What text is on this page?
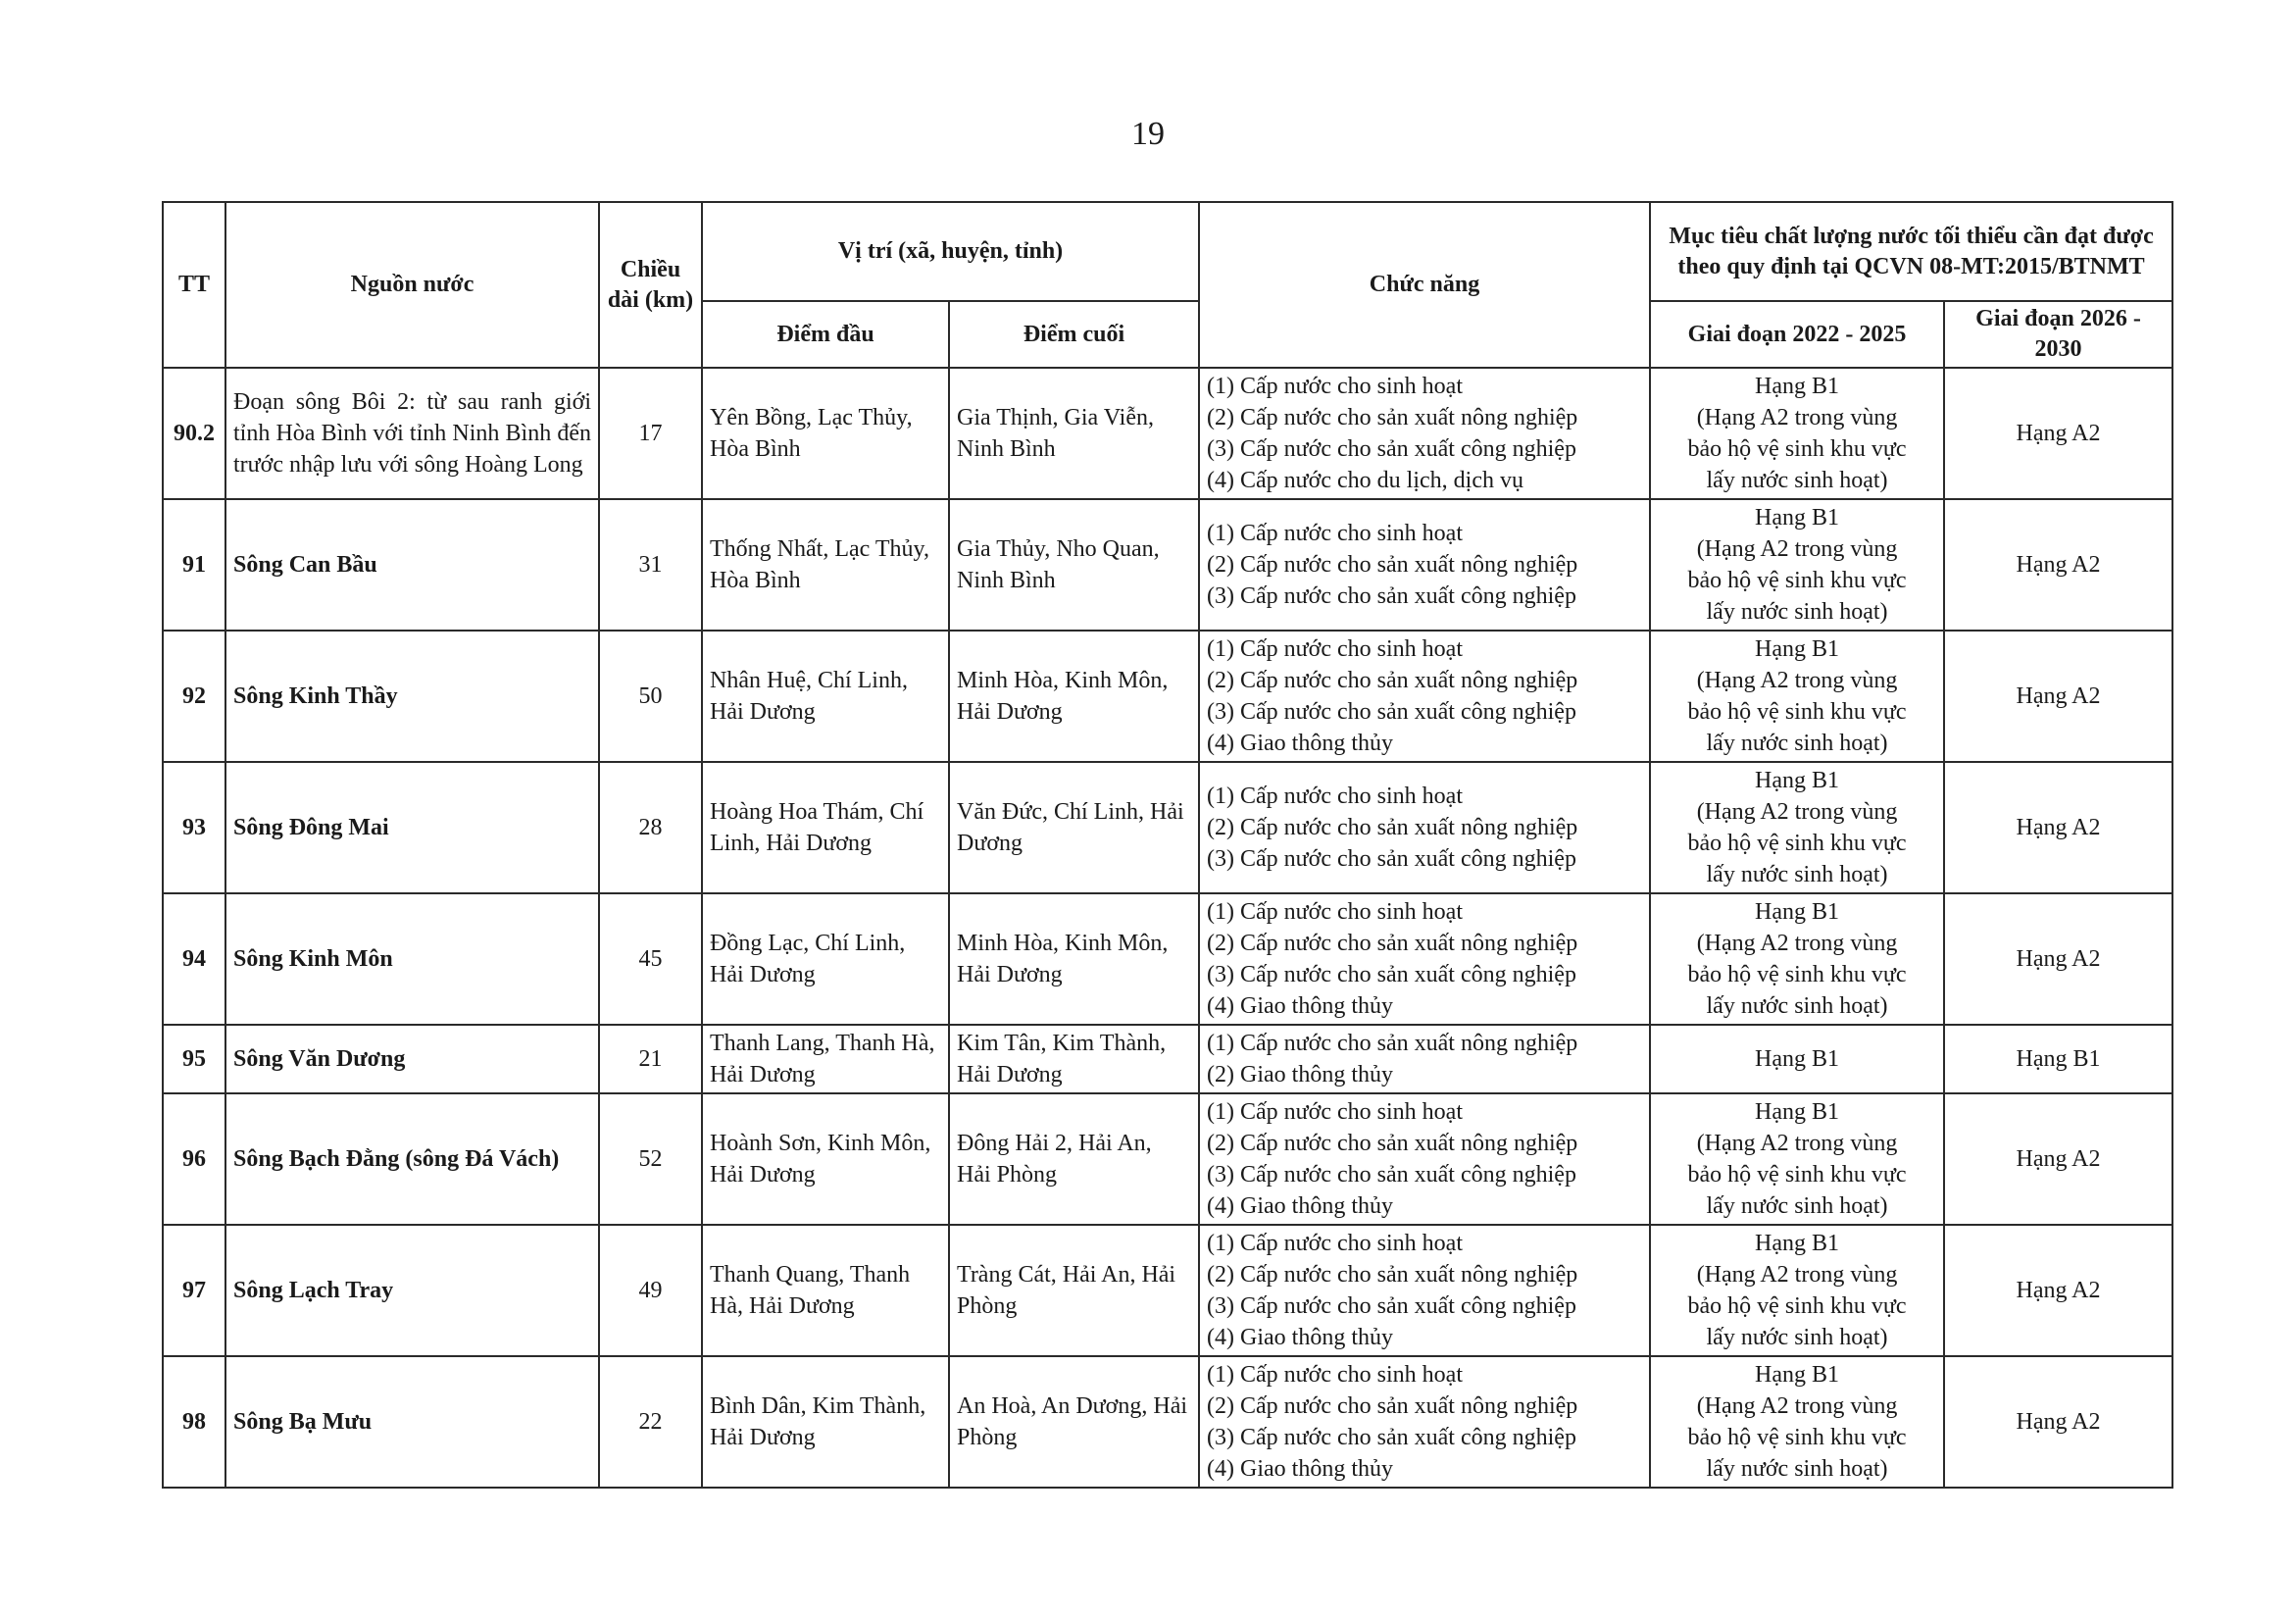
19
TT	Nguồn nước	Chiều dài (km)	Vị trí (xã, huyện, tỉnh)		Chức năng	Mục tiêu chất lượng nước tối thiểu cần đạt được theo quy định tại QCVN 08-MT:2015/BTNMT	
			Điểm đầu	Điểm cuối		Giai đoạn 2022 - 2025	Giai đoạn 2026 - 2030
90.2	Đoạn sông Bôi 2: từ sau ranh giới tỉnh Hòa Bình với tỉnh Ninh Bình đến trước nhập lưu với sông Hoàng Long	17	Yên Bồng, Lạc Thủy, Hòa Bình	Gia Thịnh, Gia Viễn, Ninh Bình	(1) Cấp nước cho sinh hoạt
(2) Cấp nước cho sản xuất nông nghiệp
(3) Cấp nước cho sản xuất công nghiệp
(4) Cấp nước cho du lịch, dịch vụ	Hạng B1
(Hạng A2 trong vùng
bảo hộ vệ sinh khu vực
lấy nước sinh hoạt)	Hạng A2
91	Sông Can Bầu	31	Thống Nhất, Lạc Thủy, Hòa Bình	Gia Thủy, Nho Quan, Ninh Bình	(1) Cấp nước cho sinh hoạt
(2) Cấp nước cho sản xuất nông nghiệp
(3) Cấp nước cho sản xuất công nghiệp	Hạng B1
(Hạng A2 trong vùng
bảo hộ vệ sinh khu vực
lấy nước sinh hoạt)	Hạng A2
92	Sông Kinh Thầy	50	Nhân Huệ, Chí Linh, Hải Dương	Minh Hòa, Kinh Môn, Hải Dương	(1) Cấp nước cho sinh hoạt
(2) Cấp nước cho sản xuất nông nghiệp
(3) Cấp nước cho sản xuất công nghiệp
(4) Giao thông thủy	Hạng B1
(Hạng A2 trong vùng
bảo hộ vệ sinh khu vực
lấy nước sinh hoạt)	Hạng A2
93	Sông Đông Mai	28	Hoàng Hoa Thám, Chí Linh, Hải Dương	Văn Đức, Chí Linh, Hải Dương	(1) Cấp nước cho sinh hoạt
(2) Cấp nước cho sản xuất nông nghiệp
(3) Cấp nước cho sản xuất công nghiệp	Hạng B1
(Hạng A2 trong vùng
bảo hộ vệ sinh khu vực
lấy nước sinh hoạt)	Hạng A2
94	Sông Kinh Môn	45	Đồng Lạc, Chí Linh, Hải Dương	Minh Hòa, Kinh Môn, Hải Dương	(1) Cấp nước cho sinh hoạt
(2) Cấp nước cho sản xuất nông nghiệp
(3) Cấp nước cho sản xuất công nghiệp
(4) Giao thông thủy	Hạng B1
(Hạng A2 trong vùng
bảo hộ vệ sinh khu vực
lấy nước sinh hoạt)	Hạng A2
95	Sông Văn Dương	21	Thanh Lang, Thanh Hà, Hải Dương	Kim Tân, Kim Thành, Hải Dương	(1) Cấp nước cho sản xuất nông nghiệp
(2) Giao thông thủy	Hạng B1	Hạng B1
96	Sông Bạch Đằng (sông Đá Vách)	52	Hoành Sơn, Kinh Môn, Hải Dương	Đông Hải 2, Hải An, Hải Phòng	(1) Cấp nước cho sinh hoạt
(2) Cấp nước cho sản xuất nông nghiệp
(3) Cấp nước cho sản xuất công nghiệp
(4) Giao thông thủy	Hạng B1
(Hạng A2 trong vùng
bảo hộ vệ sinh khu vực
lấy nước sinh hoạt)	Hạng A2
97	Sông Lạch Tray	49	Thanh Quang, Thanh Hà, Hải Dương	Tràng Cát, Hải An, Hải Phòng	(1) Cấp nước cho sinh hoạt
(2) Cấp nước cho sản xuất nông nghiệp
(3) Cấp nước cho sản xuất công nghiệp
(4) Giao thông thủy	Hạng B1
(Hạng A2 trong vùng
bảo hộ vệ sinh khu vực
lấy nước sinh hoạt)	Hạng A2
98	Sông Bạ Mưu	22	Bình Dân, Kim Thành, Hải Dương	An Hoà, An Dương, Hải Phòng	(1) Cấp nước cho sinh hoạt
(2) Cấp nước cho sản xuất nông nghiệp
(3) Cấp nước cho sản xuất công nghiệp
(4) Giao thông thủy	Hạng B1
(Hạng A2 trong vùng
bảo hộ vệ sinh khu vực
lấy nước sinh hoạt)	Hạng A2
